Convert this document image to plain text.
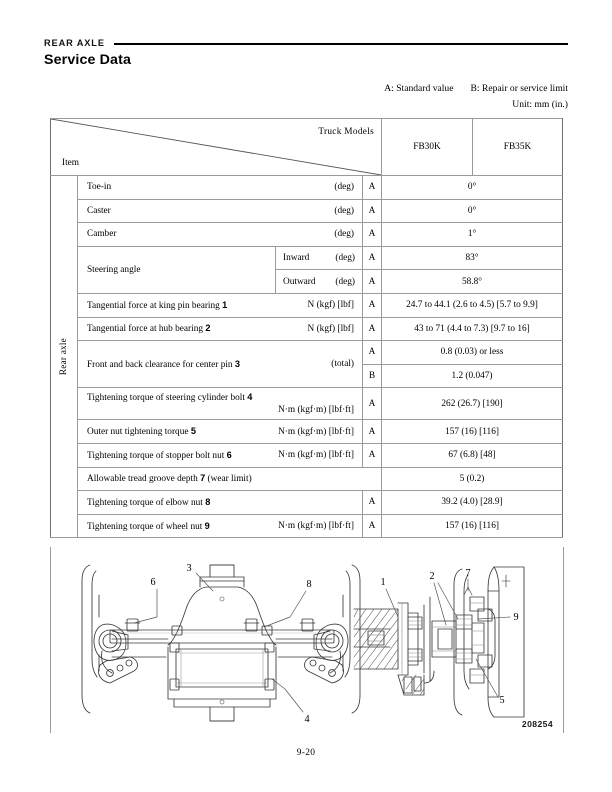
REAR AXLE
Service Data
A: Standard value B: Repair or service limit
Unit: mm (in.)
Truck Models
Item				FB30K	FB35K

Rear axle	Toe-in (deg)		A	0°	

	Caster (deg)		A	0°	

	Camber (deg)		A	1°	

	Steering angle	Inward (deg)	A	83°	

		Outward (deg)	A	58.8°	

	Tangential force at king pin bearing 1 N (kgf) [lbf]		A	24.7 to 44.1 (2.6 to 4.5) [5.7 to 9.9]	

	Tangential force at hub bearing 2 N (kgf) [lbf]		A	43 to 71 (4.4 to 7.3) [9.7 to 16]	

	Front and back clearance for center pin 3 (total)		A	0.8 (0.03) or less	
			B	1.2 (0.047)	

	Tightening torque of steering cylinder bolt 4
N·m (kgf·m) [lbf·ft]		A	262 (26.7) [190]	

	Outer nut tightening torque 5 N·m (kgf·m) [lbf·ft]		A	157 (16) [116]	

	Tightening torque of stopper bolt nut 6 N·m (kgf·m) [lbf·ft]		A	67 (6.8) [48]	

	Allowable tread groove depth 7 (wear limit)			5 (0.2)	

	Tightening torque of elbow nut 8		A	39.2 (4.0) [28.9]	

	Tightening torque of wheel nut 9 N·m (kgf·m) [lbf·ft]		A	157 (16) [116]	
3
6	8
4
1
2	7
9
5
208254
9-20
